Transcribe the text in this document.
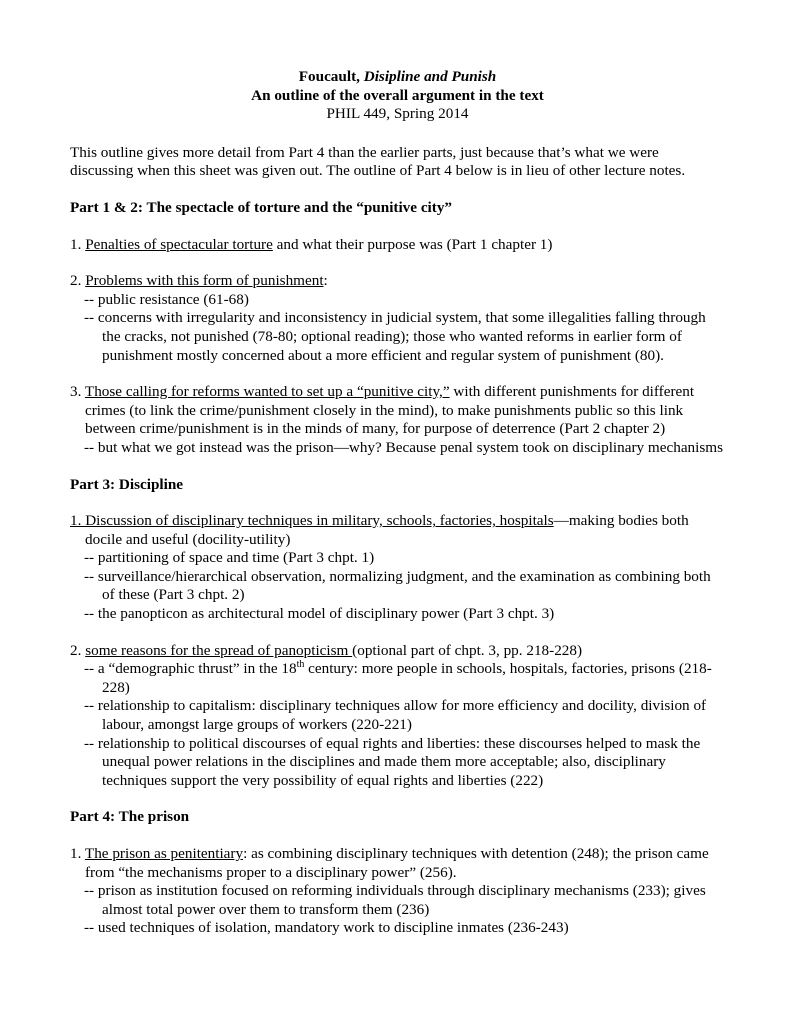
Foucault, Disipline and Punish
An outline of the overall argument in the text
PHIL 449, Spring 2014

This outline gives more detail from Part 4 than the earlier parts, just because that’s what we were discussing when this sheet was given out. The outline of Part 4 below is in lieu of other lecture notes.

Part 1 & 2: The spectacle of torture and the “punitive city”

1. Penalties of spectacular torture and what their purpose was (Part 1 chapter 1)

2. Problems with this form of punishment:

-- public resistance (61-68)

-- concerns with irregularity and inconsistency in judicial system, that some illegalities falling through the cracks, not punished (78-80; optional reading); those who wanted reforms in earlier form of punishment mostly concerned about a more efficient and regular system of punishment (80).

3. Those calling for reforms wanted to set up a “punitive city,” with different punishments for different crimes (to link the crime/punishment closely in the mind), to make punishments public so this link between crime/punishment is in the minds of many, for purpose of deterrence (Part 2 chapter 2)

-- but what we got instead was the prison—why? Because penal system took on disciplinary mechanisms

Part 3: Discipline

1. Discussion of disciplinary techniques in military, schools, factories, hospitals—making bodies both docile and useful (docility-utility)

-- partitioning of space and time (Part 3 chpt. 1)

-- surveillance/hierarchical observation, normalizing judgment, and the examination as combining both of these (Part 3 chpt. 2)

-- the panopticon as architectural model of disciplinary power (Part 3 chpt. 3)

2. some reasons for the spread of panopticism (optional part of chpt. 3, pp. 218-228)

-- a “demographic thrust” in the 18th century: more people in schools, hospitals, factories, prisons (218-228)

-- relationship to capitalism: disciplinary techniques allow for more efficiency and docility, division of labour, amongst large groups of workers (220-221)

-- relationship to political discourses of equal rights and liberties: these discourses helped to mask the unequal power relations in the disciplines and made them more acceptable; also, disciplinary techniques support the very possibility of equal rights and liberties (222)

Part 4: The prison

1. The prison as penitentiary: as combining disciplinary techniques with detention (248); the prison came from “the mechanisms proper to a disciplinary power” (256).

-- prison as institution focused on reforming individuals through disciplinary mechanisms (233); gives almost total power over them to transform them (236)

-- used techniques of isolation, mandatory work to discipline inmates (236-243)
